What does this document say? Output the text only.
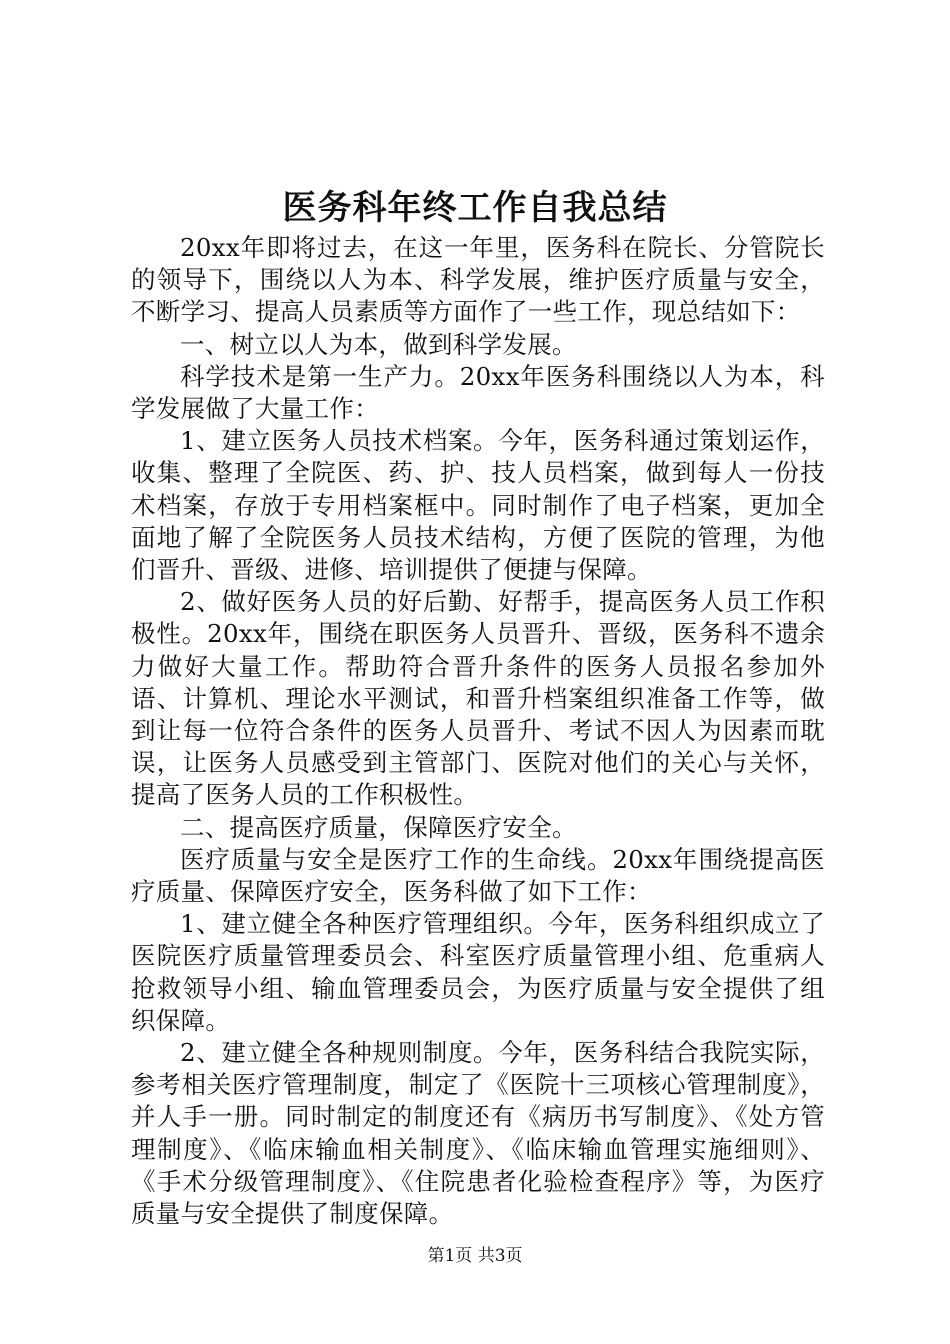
医务科年终工作自我总结

20xx年即将过去，在这一年里，医务科在院长、分管院长的领导下，围绕以人为本、科学发展，维护医疗质量与安全，不断学习、提高人员素质等方面作了一些工作，现总结如下：

一、树立以人为本，做到科学发展。

科学技术是第一生产力。20xx年医务科围绕以人为本，科学发展做了大量工作：

1、建立医务人员技术档案。今年，医务科通过策划运作，收集、整理了全院医、药、护、技人员档案，做到每人一份技术档案，存放于专用档案框中。同时制作了电子档案，更加全面地了解了全院医务人员技术结构，方便了医院的管理，为他们晋升、晋级、进修、培训提供了便捷与保障。

2、做好医务人员的好后勤、好帮手，提高医务人员工作积极性。20xx年，围绕在职医务人员晋升、晋级，医务科不遗余力做好大量工作。帮助符合晋升条件的医务人员报名参加外语、计算机、理论水平测试，和晋升档案组织准备工作等，做到让每一位符合条件的医务人员晋升、考试不因人为因素而耽误，让医务人员感受到主管部门、医院对他们的关心与关怀，提高了医务人员的工作积极性。

二、提高医疗质量，保障医疗安全。

医疗质量与安全是医疗工作的生命线。20xx年围绕提高医疗质量、保障医疗安全，医务科做了如下工作：

1、建立健全各种医疗管理组织。今年，医务科组织成立了医院医疗质量管理委员会、科室医疗质量管理小组、危重病人抢救领导小组、输血管理委员会，为医疗质量与安全提供了组织保障。

2、建立健全各种规则制度。今年，医务科结合我院实际，参考相关医疗管理制度，制定了《医院十三项核心管理制度》，并人手一册。同时制定的制度还有《病历书写制度》、《处方管理制度》、《临床输血相关制度》、《临床输血管理实施细则》、《手术分级管理制度》、《住院患者化验检查程序》等，为医疗质量与安全提供了制度保障。

第1页 共3页
